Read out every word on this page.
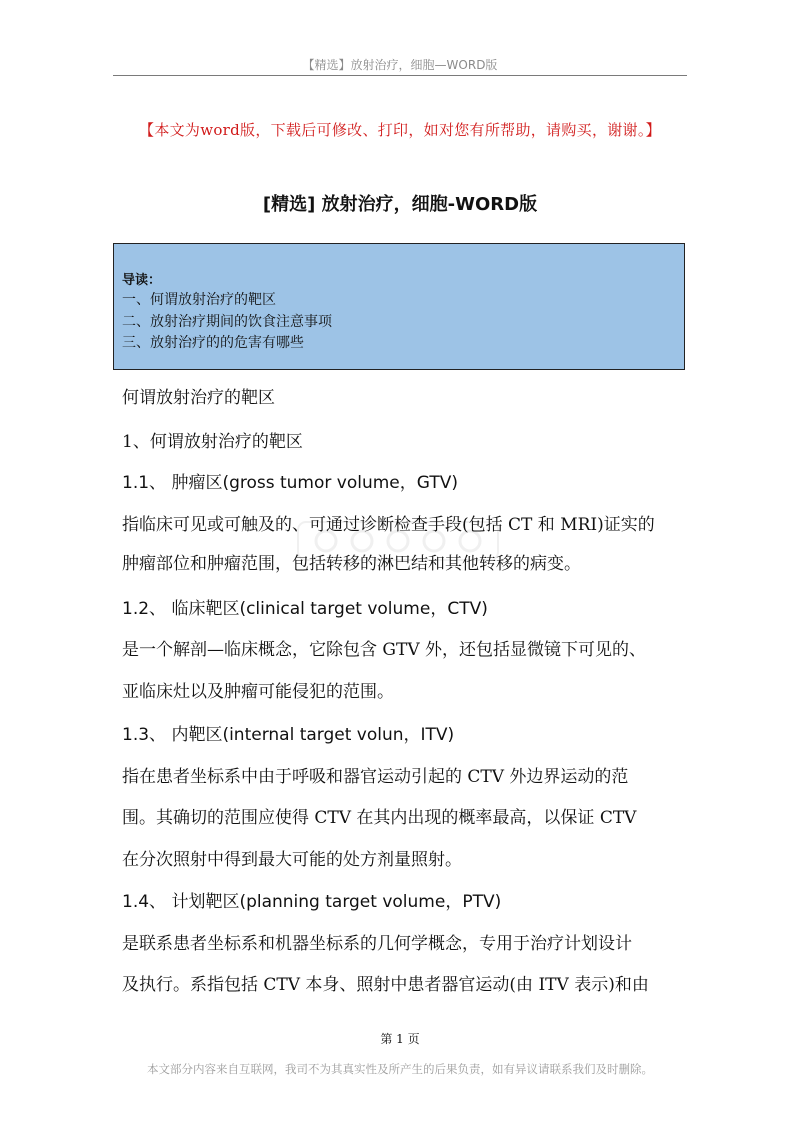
【精选】放射治疗，细胞—WORD版
【本文为word版，下载后可修改、打印，如对您有所帮助，请购买，谢谢。】
[精选] 放射治疗，细胞-WORD版
导读：
一、何谓放射治疗的靶区
二、放射治疗期间的饮食注意事项
三、放射治疗的的危害有哪些
何谓放射治疗的靶区
1、何谓放射治疗的靶区
1.1、 肿瘤区(gross tumor volume，GTV)
指临床可见或可触及的、可通过诊断检查手段(包括 CT 和 MRI)证实的
肿瘤部位和肿瘤范围，包括转移的淋巴结和其他转移的病变。
1.2、 临床靶区(clinical target volume，CTV)
是一个解剖—临床概念，它除包含 GTV 外，还包括显微镜下可见的、
亚临床灶以及肿瘤可能侵犯的范围。
1.3、 内靶区(internal target volun，ITV)
指在患者坐标系中由于呼吸和器官运动引起的 CTV 外边界运动的范
围。其确切的范围应使得 CTV 在其内出现的概率最高，以保证 CTV
在分次照射中得到最大可能的处方剂量照射。
1.4、 计划靶区(planning target volume，PTV)
是联系患者坐标系和机器坐标系的几何学概念，专用于治疗计划设计
及执行。系指包括 CTV 本身、照射中患者器官运动(由 ITV 表示)和由
第 1 页
本文部分内容来自互联网，我司不为其真实性及所产生的后果负责，如有异议请联系我们及时删除。
